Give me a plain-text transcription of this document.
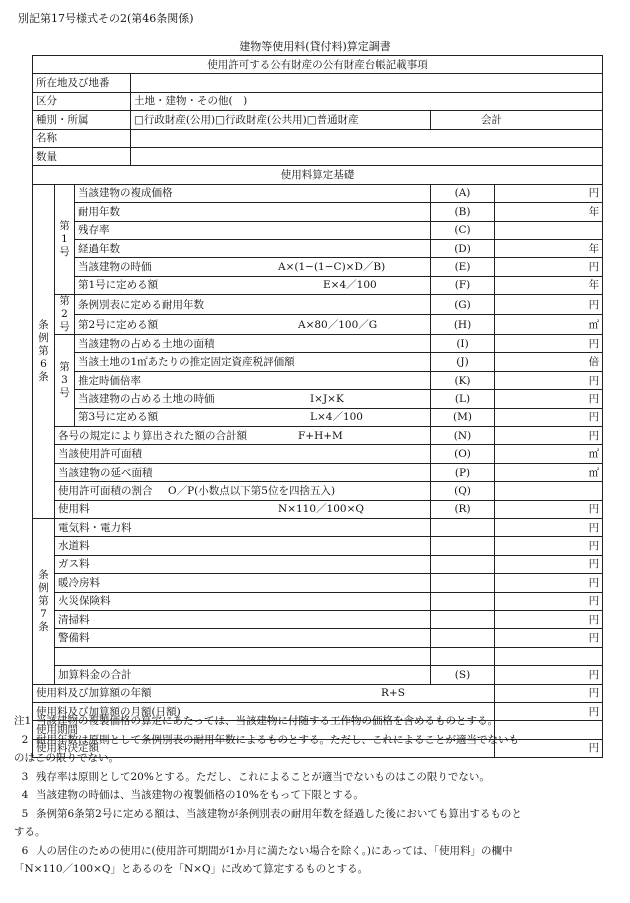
別記第17号様式その2(第46条関係)
建物等使用料(貸付料)算定調書
使用許可する公有財産の公有財産台帳記載事項					
所在地及び地番					
区分			土地・建物・その他(　)		
種別・所属			□行政財産(公用)□行政財産(公共用)□普通財産	会計	
名称					
数量					
使用料算定基礎					

条
例
第
6
条	第
1
号	当該建物の複成価格		(A)	円

		耐用年数		(B)	年

		残存率		(C)	

		経過年数		(D)	年

		当該建物の時価 A×(1−(1−C)×D／B)		(E)	円

		第1号に定める額 E×4／100		(F)	年

	第
2
号	条例別表に定める耐用年数		(G)	円

		第2号に定める額 A×80／100／G		(H)	㎡

	第
3
号	当該建物の占める土地の面積		(I)	円

		当該土地の1㎡あたりの推定固定資産税評価額		(J)	倍

		推定時価倍率		(K)	円

		当該建物の占める土地の時価 I×J×K		(L)	円

		第3号に定める額 L×4／100		(M)	円

	各号の規定により算出された額の合計額 F+H+M			(N)	円

	当該使用許可面積			(O)	㎡

	当該建物の延べ面積			(P)	㎡

	使用許可面積の割合 O／P(小数点以下第5位を四捨五入)			(Q)	

	使用料 N×110／100×Q			(R)	円

条
例
第
7
条	電気料・電力料				円
	水道料				円
	ガス料				円
	暖冷房料				円
	火災保険料				円
	清掃料				円
	警備料				円

	加算料金の合計			(S)	円

使用料及び加算額の年額 R+S					円

使用料及び加算額の月額(日額)					円

使用期間					

使用料決定額					円
注1 当該建物の複製価格の算定にあたっては、当該建物に付随する工作物の価格を含めるものとする。
2 耐用年数は原則として条例別表の耐用年数によるものとする。ただし、これによることが適当でないも
のはこの限りでない。
3 残存率は原則として20%とする。ただし、これによることが適当でないものはこの限りでない。
4 当該建物の時価は、当該建物の複製価格の10%をもって下限とする。
5 条例第6条第2号に定める額は、当該建物が条例別表の耐用年数を経過した後においても算出するものと
する。
6 人の居住のための使用に(使用許可期間が1か月に満たない場合を除く。)にあっては、「使用料」の欄中
「N×110／100×Q」とあるのを「N×Q」に改めて算定するものとする。
